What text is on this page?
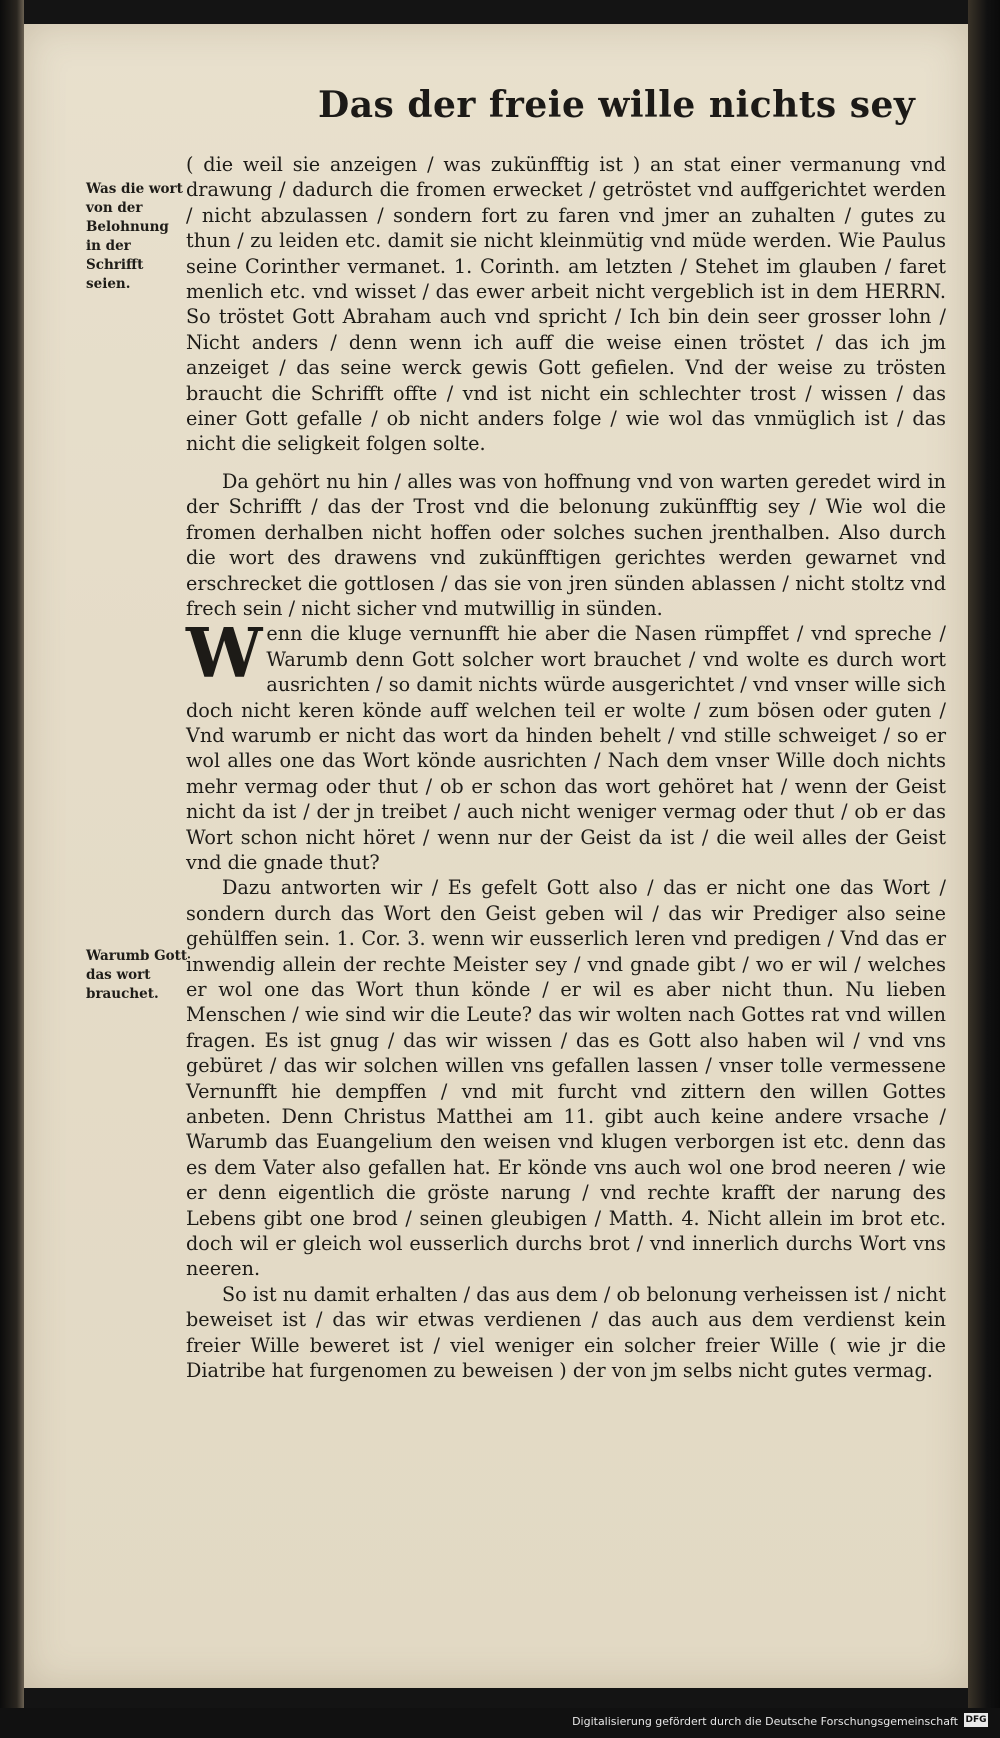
Das der freie wille nichts sey
Was die wort von der Belohnung in der Schrifft seien.
Warumb Gott das wort brauchet.

( die weil sie anzeigen / was zukünfftig ist ) an stat einer vermanung vnd drawung / dadurch die fromen erwecket / getröstet vnd auffgerichtet werden / nicht abzulassen / sondern fort zu faren vnd jmer an zuhalten / gutes zu thun / zu leiden etc. damit sie nicht kleinmütig vnd müde werden. Wie Paulus seine Corinther vermanet. 1. Corinth. am letzten / Stehet im glauben / faret menlich etc. vnd wisset / das ewer arbeit nicht vergeblich ist in dem HERRN. So tröstet Gott Abraham auch vnd spricht / Ich bin dein seer grosser lohn / Nicht anders / denn wenn ich auff die weise einen tröstet / das ich jm anzeiget / das seine werck gewis Gott gefielen. Vnd der weise zu trösten braucht die Schrifft offte / vnd ist nicht ein schlechter trost / wissen / das einer Gott gefalle / ob nicht anders folge / wie wol das vnmüglich ist / das nicht die seligkeit folgen solte.

Da gehört nu hin / alles was von hoffnung vnd von warten geredet wird in der Schrifft / das der Trost vnd die belonung zukünfftig sey / Wie wol die fromen derhalben nicht hoffen oder solches suchen jrenthalben. Also durch die wort des drawens vnd zukünfftigen gerichtes werden gewarnet vnd erschrecket die gottlosen / das sie von jren sünden ablassen / nicht stoltz vnd frech sein / nicht sicher vnd mutwillig in sünden.

Wenn die kluge vernunfft hie aber die Nasen rümpffet / vnd spreche / Warumb denn Gott solcher wort brauchet / vnd wolte es durch wort ausrichten / so damit nichts würde ausgerichtet / vnd vnser wille sich doch nicht keren könde auff welchen teil er wolte / zum bösen oder guten / Vnd warumb er nicht das wort da hinden behelt / vnd stille schweiget / so er wol alles one das Wort könde ausrichten / Nach dem vnser Wille doch nichts mehr vermag oder thut / ob er schon das wort gehöret hat / wenn der Geist nicht da ist / der jn treibet / auch nicht weniger vermag oder thut / ob er das Wort schon nicht höret / wenn nur der Geist da ist / die weil alles der Geist vnd die gnade thut?

Dazu antworten wir / Es gefelt Gott also / das er nicht one das Wort / sondern durch das Wort den Geist geben wil / das wir Prediger also seine gehülffen sein. 1. Cor. 3. wenn wir eusserlich leren vnd predigen / Vnd das er inwendig allein der rechte Meister sey / vnd gnade gibt / wo er wil / welches er wol one das Wort thun könde / er wil es aber nicht thun. Nu lieben Menschen / wie sind wir die Leute? das wir wolten nach Gottes rat vnd willen fragen. Es ist gnug / das wir wissen / das es Gott also haben wil / vnd vns gebüret / das wir solchen willen vns gefallen lassen / vnser tolle vermessene Vernunfft hie dempffen / vnd mit furcht vnd zittern den willen Gottes anbeten. Denn Christus Matthei am 11. gibt auch keine andere vrsache / Warumb das Euangelium den weisen vnd klugen verborgen ist etc. denn das es dem Vater also gefallen hat. Er könde vns auch wol one brod neeren / wie er denn eigentlich die gröste narung / vnd rechte krafft der narung des Lebens gibt one brod / seinen gleubigen / Matth. 4. Nicht allein im brot etc. doch wil er gleich wol eusserlich durchs brot / vnd innerlich durchs Wort vns neeren.

So ist nu damit erhalten / das aus dem / ob belonung verheissen ist / nicht beweiset ist / das wir etwas verdienen / das auch aus dem verdienst kein freier Wille beweret ist / viel weniger ein solcher freier Wille ( wie jr die Diatribe hat furgenomen zu beweisen ) der von jm selbs nicht gutes vermag.

Digitalisierung gefördert durch die Deutsche Forschungsgemeinschaft DFG
